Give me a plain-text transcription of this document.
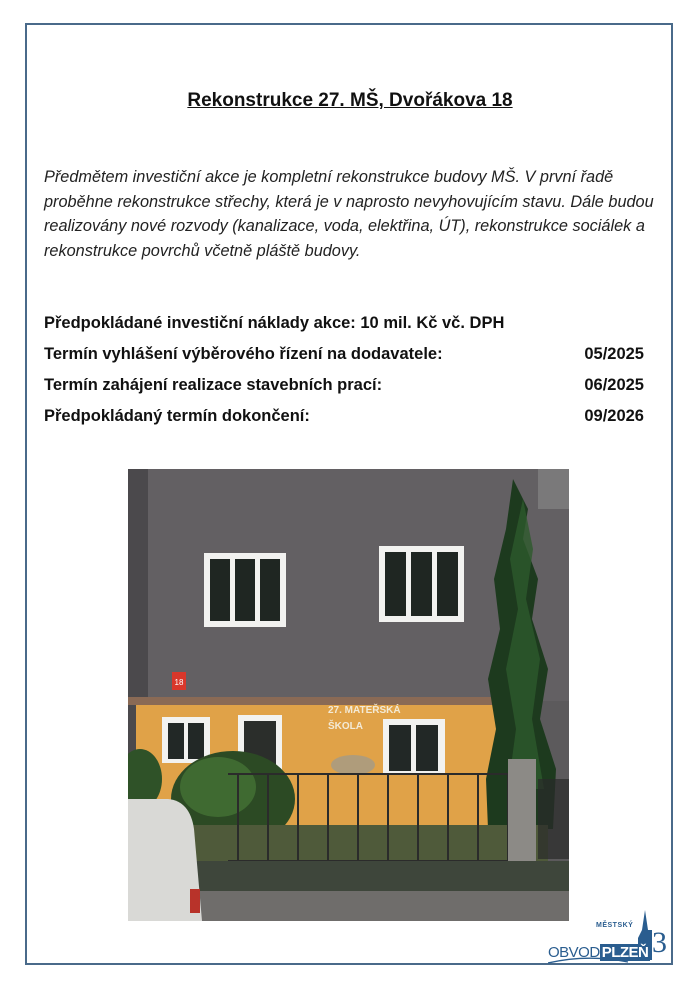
Rekonstrukce 27. MŠ, Dvořákova 18

Předmětem investiční akce je kompletní rekonstrukce budovy MŠ. V první řadě proběhne rekonstrukce střechy, která je v naprosto nevyhovujícím stavu. Dále budou realizovány nové rozvody (kanalizace, voda, elektřina, ÚT), rekonstrukce sociálek a rekonstrukce povrchů včetně pláště budovy.

Předpokládané investiční náklady akce: 10 mil. Kč vč. DPH
Termín vyhlášení výběrového řízení na dodavatele:	05/2025
Termín zahájení realizace stavebních prací:	06/2025
Předpokládaný termín dokončení:	09/2026
18
27. MATEŘSKÁ
ŠKOLA
MĚSTSKÝ
OBVOD PLZEŇ 3
